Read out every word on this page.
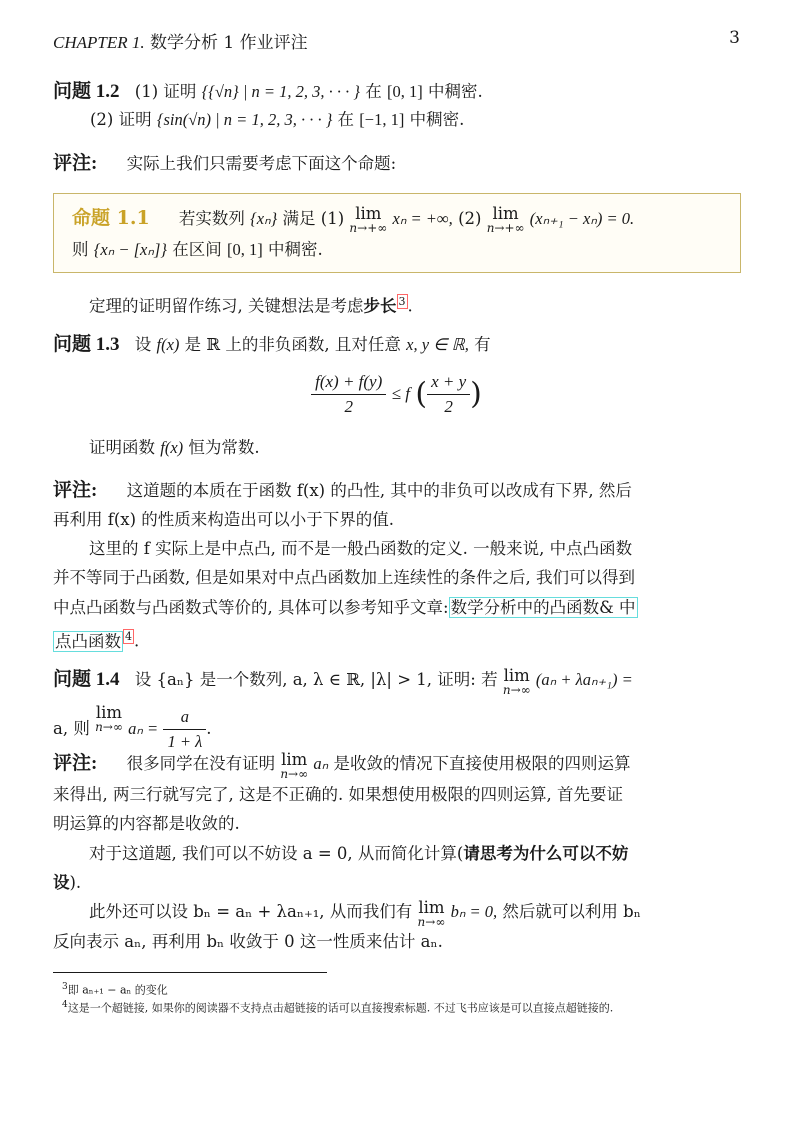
CHAPTER 1. 数学分析 1 作业评注	3
问题 1.2 (1) 证明 {{√n} | n = 1, 2, 3, · · · } 在 [0, 1] 中稠密.
(2) 证明 {sin(√n) | n = 1, 2, 3, · · · } 在 [−1, 1] 中稠密.
评注: 实际上我们只需要考虑下面这个命题:
命题 1.1 若实数列 {xₙ} 满足 (1) lim
n→+∞ xₙ = +∞, (2) lim
n→+∞ (xₙ₊₁ − xₙ) = 0.
则 {xₙ − [xₙ]} 在区间 [0, 1] 中稠密.
定理的证明留作练习, 关键想法是考虑步长 $^3$ .
问题 1.3 设 f(x) 是 ℝ 上的非负函数, 且对任意 x, y ∈ ℝ, 有
$\frac{f(x) + f(y)}{2} \le f$ ( $\frac{x + y}{2}$ )
证明函数 f(x) 恒为常数.
评注: 这道题的本质在于函数 f(x) 的凸性, 其中的非负可以改成有下界, 然后
再利用 f(x) 的性质来构造出可以小于下界的值.
这里的 f 实际上是中点凸, 而不是一般凸函数的定义. 一般来说, 中点凸函数
并不等同于凸函数, 但是如果对中点凸函数加上连续性的条件之后, 我们可以得到
中点凸函数与凸函数式等价的, 具体可以参考知乎文章: 数学分析中的凸函数& 中
点凸函数 $^4$ .
问题 1.4 设 {aₙ} 是一个数列, a, λ ∈ ℝ, |λ| > 1, 证明: 若 lim
n→∞
(aₙ + λaₙ₊₁) =
a, 则 lim
n→∞ $a_n = \frac{a}{1 + \lambda}$ .
评注: 很多同学在没有证明 lim
n→∞
aₙ 是收敛的情况下直接使用极限的四则运算
来得出, 两三行就写完了, 这是不正确的. 如果想使用极限的四则运算, 首先要证
明运算的内容都是收敛的.
对于这道题, 我们可以不妨设 a = 0, 从而简化计算(请思考为什么可以不妨
设).
此外还可以设 bₙ = aₙ + λaₙ₊₁, 从而我们有 lim
n→∞
bₙ = 0, 然后就可以利用 bₙ
反向表示 aₙ, 再利用 bₙ 收敛于 0 这一性质来估计 aₙ.
$^3$即 aₙ₊₁ − aₙ 的变化
$^4$这是一个超链接, 如果你的阅读器不支持点击超链接的话可以直接搜索标题. 不过飞书应该是可以直接点超链接的.
